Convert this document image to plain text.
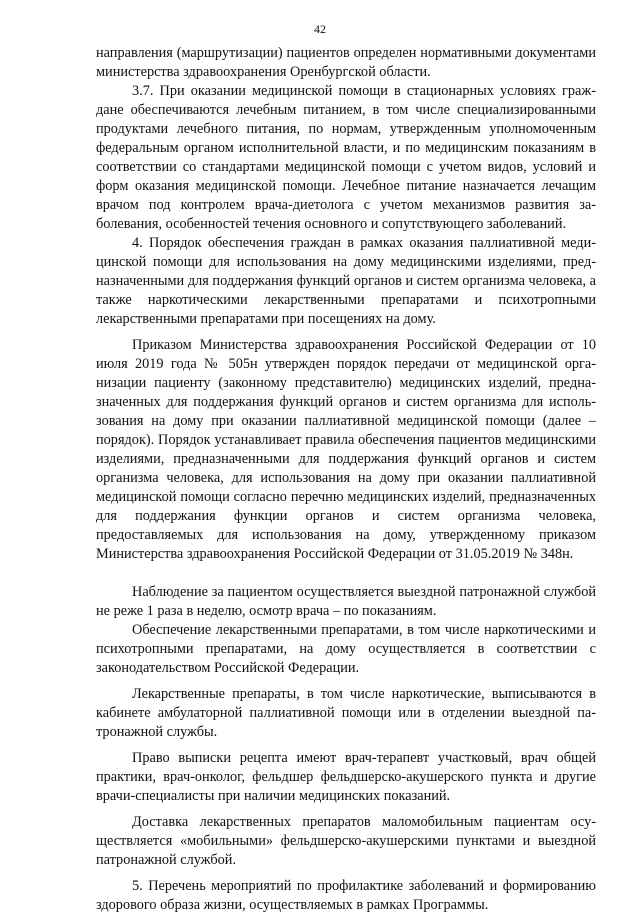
42

направления (маршрутизации) пациентов определен нормативными документами министерства здравоохранения Оренбургской области.

3.7. При оказании медицинской помощи в стационарных условиях граждане обеспечиваются лечебным питанием, в том числе специализированными продуктами лечебного питания, по нормам, утвержденным уполномоченным федеральным органом исполнительной власти, и по медицинским показаниям в соответствии со стандартами медицинской помощи с учетом видов, условий и форм оказания медицинской помощи. Лечебное питание назначается лечащим врачом под контролем врача-диетолога с учетом механизмов развития заболевания, особенностей течения основного и сопутствующего заболеваний.

4. Порядок обеспечения граждан в рамках оказания паллиативной медицинской помощи для использования на дому медицинскими изделиями, предназначенными для поддержания функций органов и систем организма человека, а также наркотическими лекарственными препаратами и психотропными лекарственными препаратами при посещениях на дому.

Приказом Министерства здравоохранения Российской Федерации от 10 июля 2019 года № 505н утвержден порядок передачи от медицинской организации пациенту (законному представителю) медицинских изделий, предназначенных для поддержания функций органов и систем организма для использования на дому при оказании паллиативной медицинской помощи (далее – порядок). Порядок устанавливает правила обеспечения пациентов медицинскими изделиями, предназначенными для поддержания функций органов и систем организма человека, для использования на дому при оказании паллиативной медицинской помощи согласно перечню медицинских изделий, предназначенных для поддержания функции органов и систем организма человека, предоставляемых для использования на дому, утвержденному приказом Министерства здравоохранения Российской Федерации от 31.05.2019 № 348н.

Наблюдение за пациентом осуществляется выездной патронажной службой не реже 1 раза в неделю, осмотр врача – по показаниям.

Обеспечение лекарственными препаратами, в том числе наркотическими и психотропными препаратами, на дому осуществляется в соответствии с законодательством Российской Федерации.

Лекарственные препараты, в том числе наркотические, выписываются в кабинете амбулаторной паллиативной помощи или в отделении выездной патронажной службы.

Право выписки рецепта имеют врач-терапевт участковый, врач общей практики, врач-онколог, фельдшер фельдшерско-акушерского пункта и другие врачи-специалисты при наличии медицинских показаний.

Доставка лекарственных препаратов маломобильным пациентам осуществляется «мобильными» фельдшерско-акушерскими пунктами и выездной патронажной службой.

5. Перечень мероприятий по профилактике заболеваний и формированию здорового образа жизни, осуществляемых в рамках Программы.
